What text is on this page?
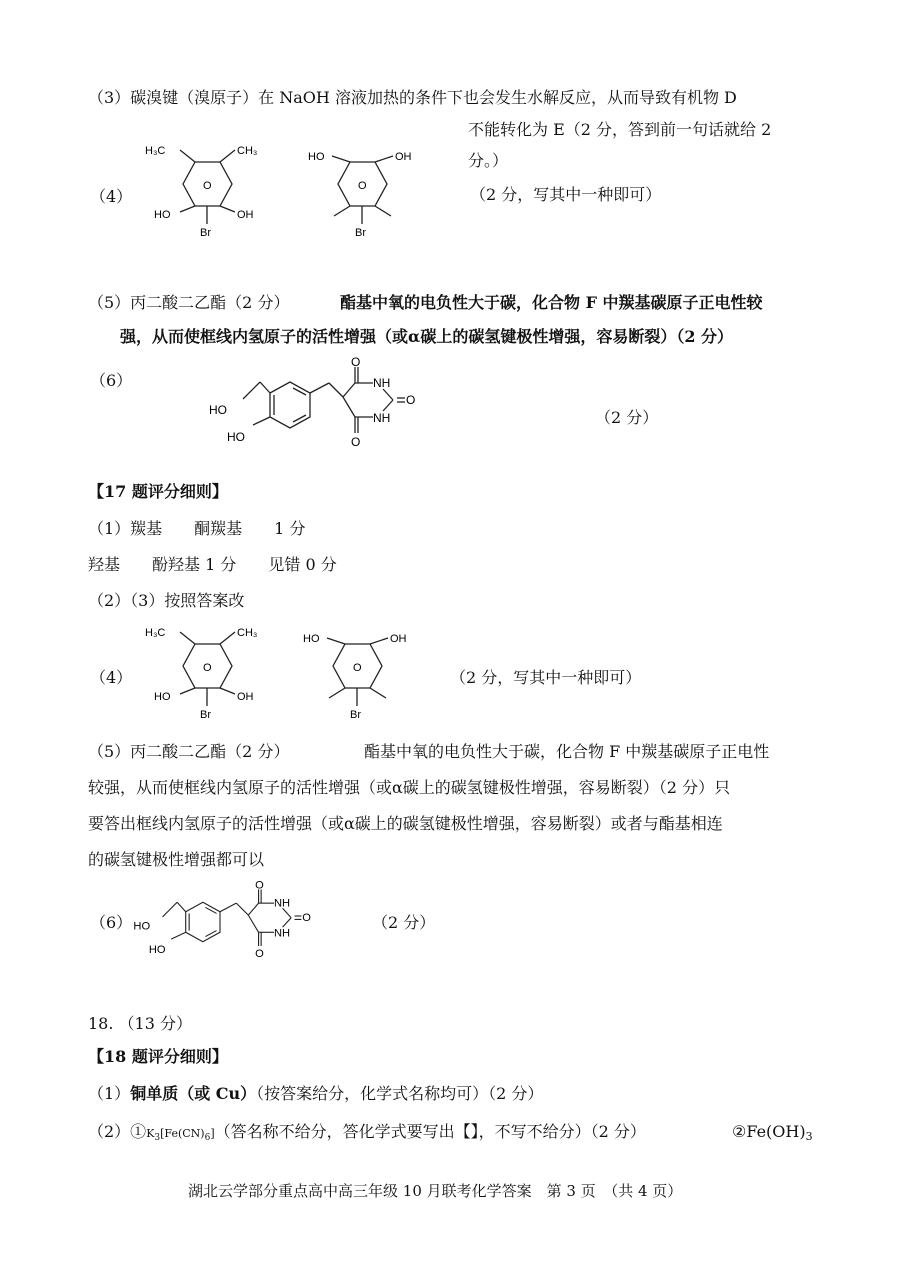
（3）碳溴键（溴原子）在 NaOH 溶液加热的条件下也会发生水解反应，从而导致有机物 D
不能转化为 E（2 分，答到前一句话就给 2
分。）
（4）	（2 分，写其中一种即可）
H₃C	CH₃
O
HO	OH
Br
HO	OH
O
Br
（5）丙二酸二乙酯（2 分）	酯基中氧的电负性大于碳，化合物 F 中羰基碳原子正电性较
强，从而使框线内氢原子的活性增强（或α碳上的碳氢键极性增强，容易断裂）（2 分）
（6）
（2 分）
O
NH
O
NH
O
HO
HO
【17 题评分细则】
（1）羰基　　酮羰基　　1 分
羟基　　酚羟基 1 分　　见错 0 分
（2）（3）按照答案改
（4）	（2 分，写其中一种即可）
H₃C	CH₃
O
HO	OH
Br
HO	OH
O
Br
（5）丙二酸二乙酯（2 分）	酯基中氧的电负性大于碳，化合物 F 中羰基碳原子正电性
较强，从而使框线内氢原子的活性增强（或α碳上的碳氢键极性增强，容易断裂）（2 分）只
要答出框线内氢原子的活性增强（或α碳上的碳氢键极性增强，容易断裂）或者与酯基相连
的碳氢键极性增强都可以
（6）	（2 分）
O
NH
O
NH
O
HO
HO
18. （13 分）
【18 题评分细则】
（1）铜单质（或 Cu）（按答案给分，化学式名称均可）（2 分）
$(2)①K_3[Fe(CN)_6]$（答名称不给分，答化学式要写出【】，不写不给分）（2 分）	$②Fe(OH)_3$
湖北云学部分重点高中高三年级 10 月联考化学答案　第 3 页　（共 4 页）
